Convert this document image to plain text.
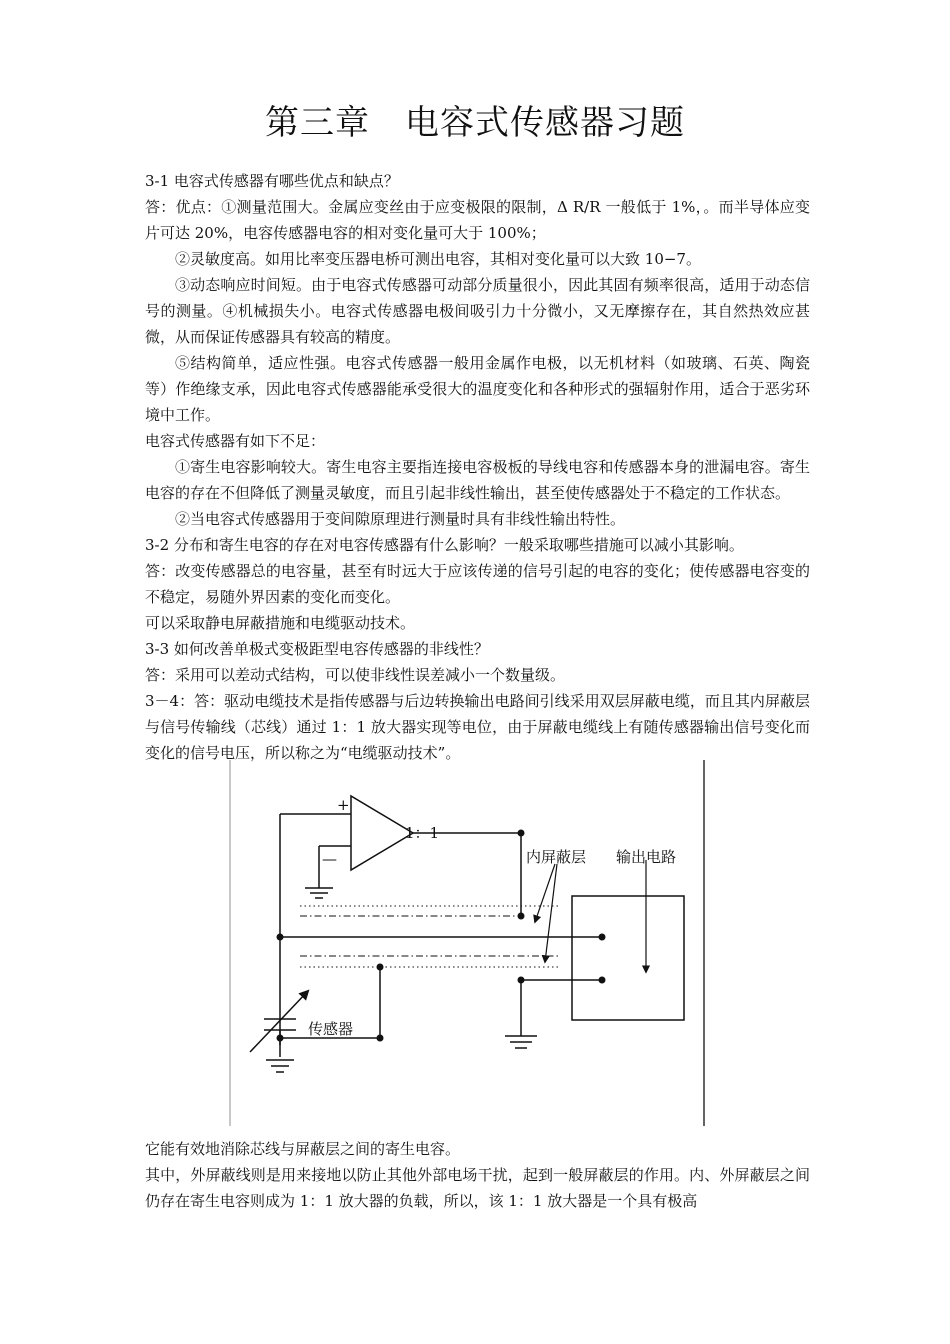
第三章　电容式传感器习题

3-1 电容式传感器有哪些优点和缺点？

答：优点：①测量范围大。金属应变丝由于应变极限的限制，Δ R/R 一般低于 1%，。而半导体应变片可达 20%，电容传感器电容的相对变化量可大于 100%；

②灵敏度高。如用比率变压器电桥可测出电容，其相对变化量可以大致 10−7。

③动态响应时间短。由于电容式传感器可动部分质量很小，因此其固有频率很高，适用于动态信号的测量。④机械损失小。电容式传感器电极间吸引力十分微小，又无摩擦存在，其自然热效应甚微，从而保证传感器具有较高的精度。

⑤结构简单，适应性强。电容式传感器一般用金属作电极，以无机材料（如玻璃、石英、陶瓷等）作绝缘支承，因此电容式传感器能承受很大的温度变化和各种形式的强辐射作用，适合于恶劣环境中工作。

电容式传感器有如下不足：

①寄生电容影响较大。寄生电容主要指连接电容极板的导线电容和传感器本身的泄漏电容。寄生电容的存在不但降低了测量灵敏度，而且引起非线性输出，甚至使传感器处于不稳定的工作状态。

②当电容式传感器用于变间隙原理进行测量时具有非线性输出特性。

3-2 分布和寄生电容的存在对电容传感器有什么影响？一般采取哪些措施可以减小其影响。

答：改变传感器总的电容量，甚至有时远大于应该传递的信号引起的电容的变化；使传感器电容变的不稳定，易随外界因素的变化而变化。

可以采取静电屏蔽措施和电缆驱动技术。

3-3 如何改善单极式变极距型电容传感器的非线性？

答：采用可以差动式结构，可以使非线性误差减小一个数量级。

3－4：答：驱动电缆技术是指传感器与后边转换输出电路间引线采用双层屏蔽电缆，而且其内屏蔽层与信号传输线（芯线）通过 1：1 放大器实现等电位，由于屏蔽电缆线上有随传感器输出信号变化而变化的信号电压，所以称之为“电缆驱动技术”。

+
—
1：1
内屏蔽层 输出电路
传感器

它能有效地消除芯线与屏蔽层之间的寄生电容。

其中，外屏蔽线则是用来接地以防止其他外部电场干扰，起到一般屏蔽层的作用。内、外屏蔽层之间仍存在寄生电容则成为 1：1 放大器的负载，所以，该 1：1 放大器是一个具有极高
